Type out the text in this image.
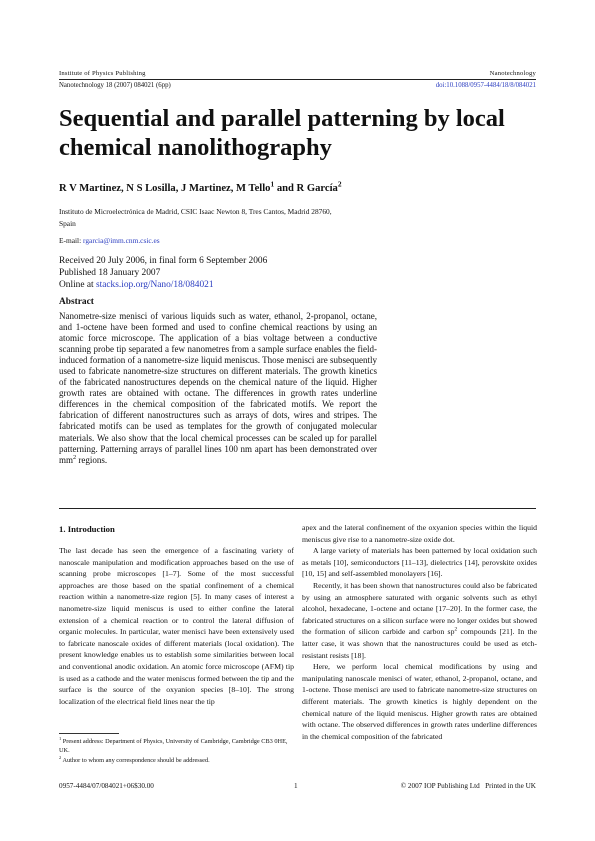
Institute of Physics Publishing	Nanotechnology
Nanotechnology 18 (2007) 084021 (6pp)	doi:10.1088/0957-4484/18/8/084021
Sequential and parallel patterning by local chemical nanolithography
R V Martinez, N S Losilla, J Martinez, M Tello$^1$ and R García$^2$
Instituto de Microelectrónica de Madrid, CSIC Isaac Newton 8, Tres Cantos, Madrid 28760,
Spain
E-mail: rgarcia@imm.cnm.csic.es
Received 20 July 2006, in final form 6 September 2006
Published 18 January 2007
Online at stacks.iop.org/Nano/18/084021
Abstract
Nanometre-size menisci of various liquids such as water, ethanol, 2-propanol, octane, and 1-octene have been formed and used to confine chemical reactions by using an atomic force microscope. The application of a bias voltage between a conductive scanning probe tip separated a few nanometres from a sample surface enables the field-induced formation of a nanometre-size liquid meniscus. Those menisci are subsequently used to fabricate nanometre-size structures on different materials. The growth kinetics of the fabricated nanostructures depends on the chemical nature of the liquid. Higher growth rates are obtained with octane. The differences in growth rates underline differences in the chemical composition of the fabricated motifs. We report the fabrication of different nanostructures such as arrays of dots, wires and stripes. The fabricated motifs can be used as templates for the growth of conjugated molecular materials. We also show that the local chemical processes can be scaled up for parallel patterning. Patterning arrays of parallel lines 100 nm apart has been demonstrated over $mm^2$ regions.
1. Introduction

The last decade has seen the emergence of a fascinating variety of nanoscale manipulation and modification approaches based on the use of scanning probe microscopes [1–7]. Some of the most successful approaches are those based on the spatial confinement of a chemical reaction within a nanometre-size region [5]. In many cases of interest a nanometre-size liquid meniscus is used to either confine the lateral extension of a chemical reaction or to control the lateral diffusion of organic molecules. In particular, water menisci have been extensively used to fabricate nanoscale oxides of different materials (local oxidation). The present knowledge enables us to establish some similarities between local and conventional anodic oxidation. An atomic force microscope (AFM) tip is used as a cathode and the water meniscus formed between the tip and the surface is the source of the oxyanion species [8–10]. The strong localization of the electrical field lines near the tip

$^1$ Present address: Department of Physics, University of Cambridge, Cambridge CB3 0HE, UK.
$^2$ Author to whom any correspondence should be addressed.

apex and the lateral confinement of the oxyanion species within the liquid meniscus give rise to a nanometre-size oxide dot.

A large variety of materials has been patterned by local oxidation such as metals [10], semiconductors [11–13], dielectrics [14], perovskite oxides [10, 15] and self-assembled monolayers [16].

Recently, it has been shown that nanostructures could also be fabricated by using an atmosphere saturated with organic solvents such as ethyl alcohol, hexadecane, 1-octene and octane [17–20]. In the former case, the fabricated structures on a silicon surface were no longer oxides but showed the formation of silicon carbide and carbon $sp^2$ compounds [21]. In the latter case, it was shown that the nanostructures could be used as etch-resistant resists [18].

Here, we perform local chemical modifications by using and manipulating nanoscale menisci of water, ethanol, 2-propanol, octane, and 1-octene. Those menisci are used to fabricate nanometre-size structures on different materials. The growth kinetics is highly dependent on the chemical nature of the liquid meniscus. Higher growth rates are obtained with octane. The observed differences in growth rates underline differences in the chemical composition of the fabricated

0957-4484/07/084021+06$30.00	1	© 2007 IOP Publishing Ltd   Printed in the UK
